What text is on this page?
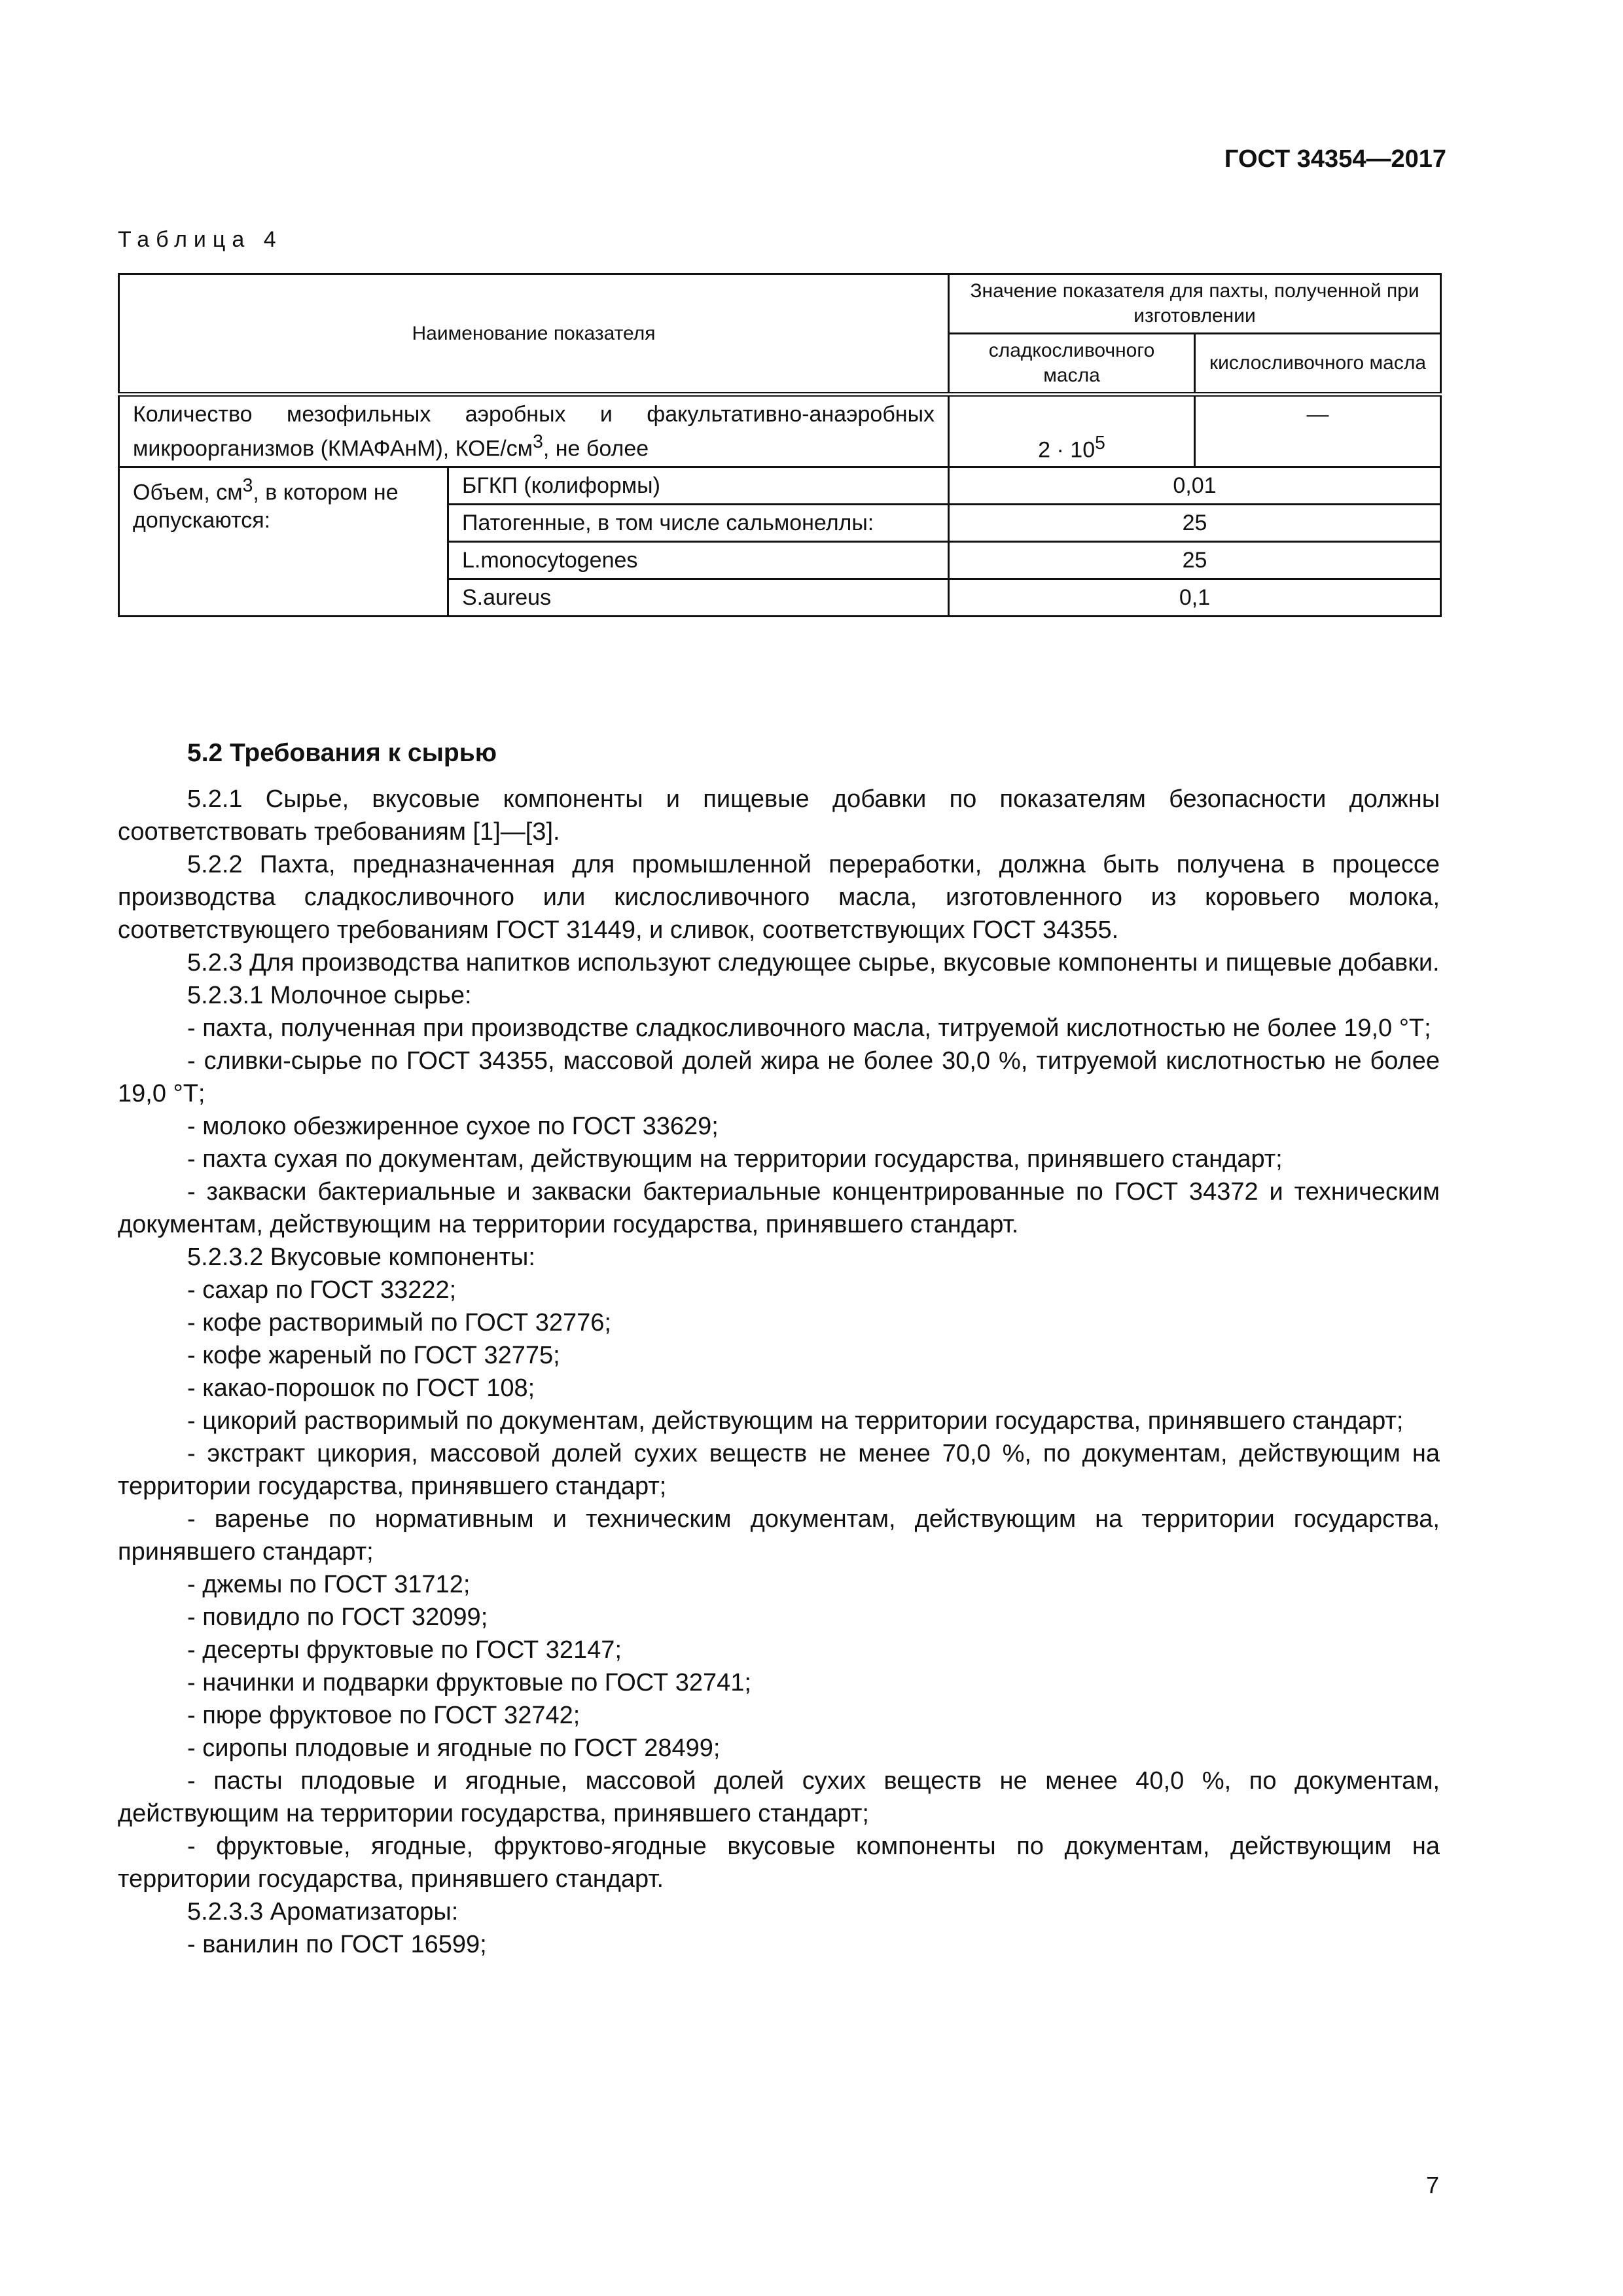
ГОСТ 34354—2017
Таблица 4
Наименование показателя		Значение показателя для пахты, полученной при изготовлении	
		сладкосливочного масла	кислосливочного масла
Количество мезофильных аэробных и факультативно-анаэробных микроорганизмов (КМАФАнМ), КОЕ/$см^3$, не более		$2 \cdot 10^5$	—
Объем, $см^3$, в котором не допускаются:	БГКП (колиформы)	0,01	
	Патогенные, в том числе сальмонеллы:	25	
	L.monocytogenes	25	
	S.aureus	0,1	
5.2 Требования к сырью

5.2.1 Сырье, вкусовые компоненты и пищевые добавки по показателям безопасности должны соответствовать требованиям [1]—[3].

5.2.2 Пахта, предназначенная для промышленной переработки, должна быть получена в процессе производства сладкосливочного или кислосливочного масла, изготовленного из коровьего молока, соответствующего требованиям ГОСТ 31449, и сливок, соответствующих ГОСТ 34355.

5.2.3 Для производства напитков используют следующее сырье, вкусовые компоненты и пищевые добавки.

5.2.3.1 Молочное сырье:

- пахта, полученная при производстве сладкосливочного масла, титруемой кислотностью не более 19,0 °Т;

- сливки-сырье по ГОСТ 34355, массовой долей жира не более 30,0 %, титруемой кислотностью не более 19,0 °Т;

- молоко обезжиренное сухое по ГОСТ 33629;

- пахта сухая по документам, действующим на территории государства, принявшего стандарт;

- закваски бактериальные и закваски бактериальные концентрированные по ГОСТ 34372 и техническим документам, действующим на территории государства, принявшего стандарт.

5.2.3.2 Вкусовые компоненты:

- сахар по ГОСТ 33222;

- кофе растворимый по ГОСТ 32776;

- кофе жареный по ГОСТ 32775;

- какао-порошок по ГОСТ 108;

- цикорий растворимый по документам, действующим на территории государства, принявшего стандарт;

- экстракт цикория, массовой долей сухих веществ не менее 70,0 %, по документам, действующим на территории государства, принявшего стандарт;

- варенье по нормативным и техническим документам, действующим на территории государства, принявшего стандарт;

- джемы по ГОСТ 31712;

- повидло по ГОСТ 32099;

- десерты фруктовые по ГОСТ 32147;

- начинки и подварки фруктовые по ГОСТ 32741;

- пюре фруктовое по ГОСТ 32742;

- сиропы плодовые и ягодные по ГОСТ 28499;

- пасты плодовые и ягодные, массовой долей сухих веществ не менее 40,0 %, по документам, действующим на территории государства, принявшего стандарт;

- фруктовые, ягодные, фруктово-ягодные вкусовые компоненты по документам, действующим на территории государства, принявшего стандарт.

5.2.3.3 Ароматизаторы:

- ванилин по ГОСТ 16599;

7
